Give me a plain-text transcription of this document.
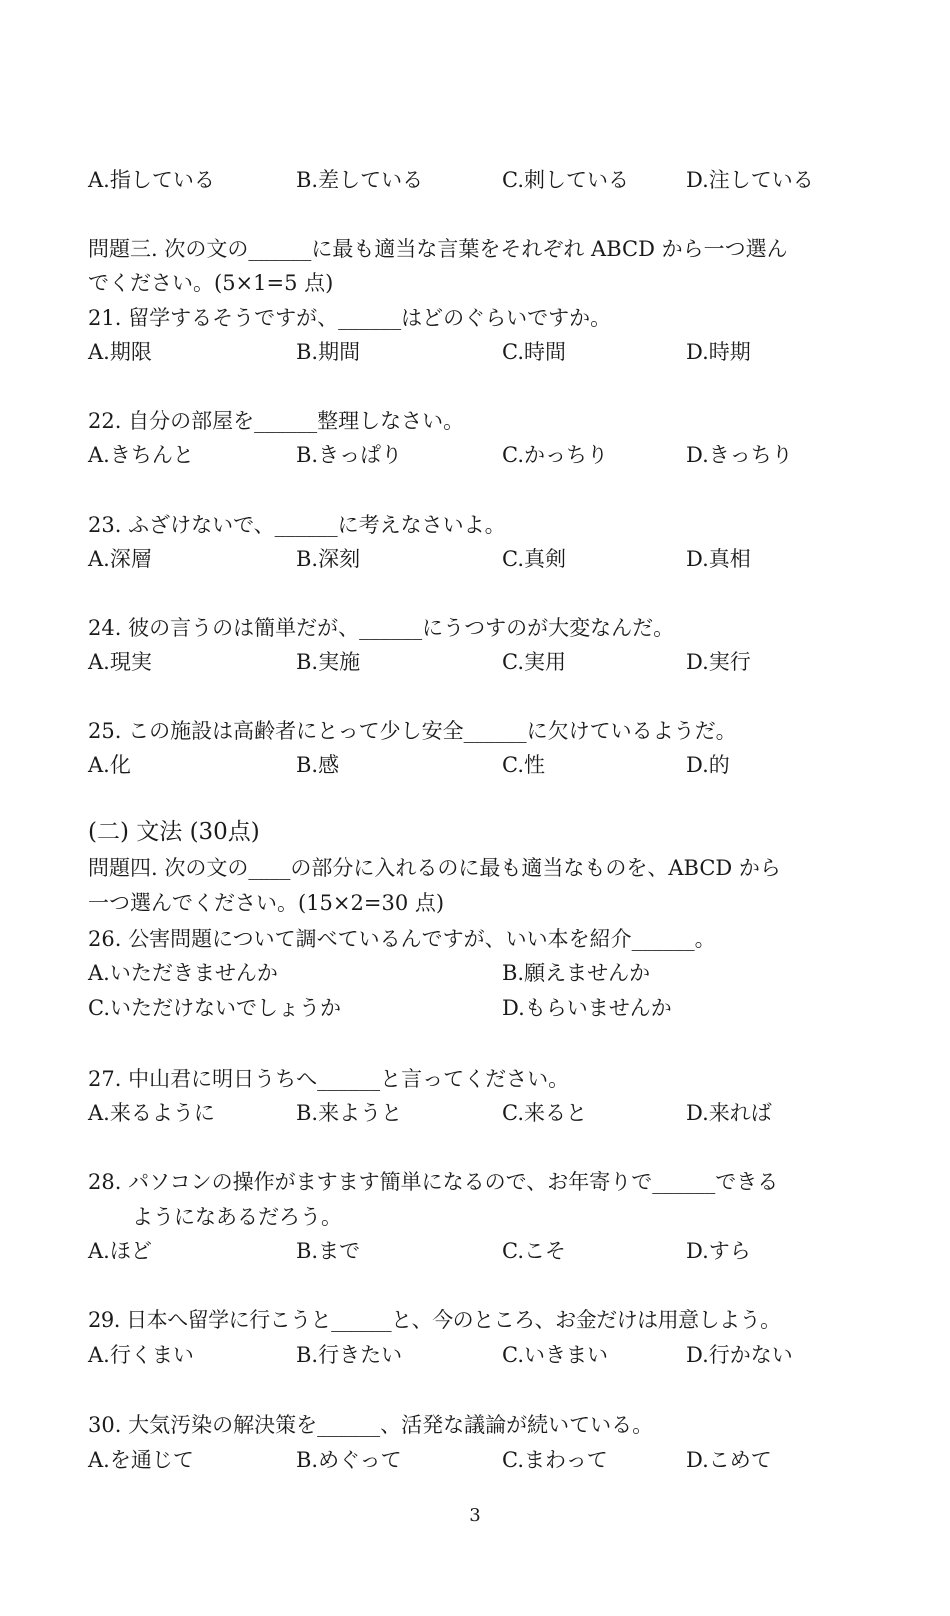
A.指している	B.差している	C.刺している	D.注している
問題三. 次の文の______に最も適当な言葉をそれぞれ ABCD から一つ選ん
でください。(5×1=5 点)
21. 留学するそうですが、______はどのぐらいですか。
A.期限	B.期間	C.時間	D.時期
22. 自分の部屋を______整理しなさい。
A.きちんと	B.きっぱり	C.かっちり	D.きっちり
23. ふざけないで、______に考えなさいよ。
A.深層	B.深刻	C.真剣	D.真相
24. 彼の言うのは簡単だが、______にうつすのが大変なんだ。
A.現実	B.実施	C.実用	D.実行
25. この施設は高齢者にとって少し安全______に欠けているようだ。
A.化	B.感	C.性	D.的
(二) 文法 (30点)
問題四. 次の文の____の部分に入れるのに最も適当なものを、ABCD から
一つ選んでください。(15×2=30 点)
26. 公害問題について調べているんですが、いい本を紹介______。
A.いただきませんか	B.願えませんか
C.いただけないでしょうか	D.もらいませんか
27. 中山君に明日うちへ______と言ってください。
A.来るように	B.来ようと	C.来ると	D.来れば
28. パソコンの操作がますます簡単になるので、お年寄りで______できる
ようになあるだろう。
A.ほど	B.まで	C.こそ	D.すら
29. 日本へ留学に行こうと______と、今のところ、お金だけは用意しよう。
A.行くまい	B.行きたい	C.いきまい	D.行かない
30. 大気汚染の解決策を______、活発な議論が続いている。
A.を通じて	B.めぐって	C.まわって	D.こめて
3
